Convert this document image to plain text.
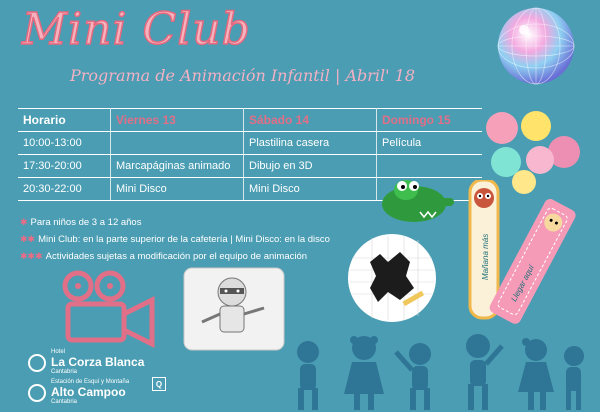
Mini Club
Programa de Animación Infantil | Abril' 18
Horario	Viernes 13	Sábado 14	Domingo 15
10:00-13:00		Plastilina casera	Película
17:30-20:00	Marcapáginas animado	Dibujo en 3D	
20:30-22:00	Mini Disco	Mini Disco	
✱ Para niños de 3 a 12 años
✱✱ Mini Club: en la parte superior de la cafetería | Mini Disco: en la disco
✱✱✱ Actividades sujetas a modificación por el equipo de animación	Mañana más
Llegar aquí
Hotel
La Corza Blanca
Cantabria
Estación de Esquí y Montaña
Alto Campoo
Cantabria
Q
